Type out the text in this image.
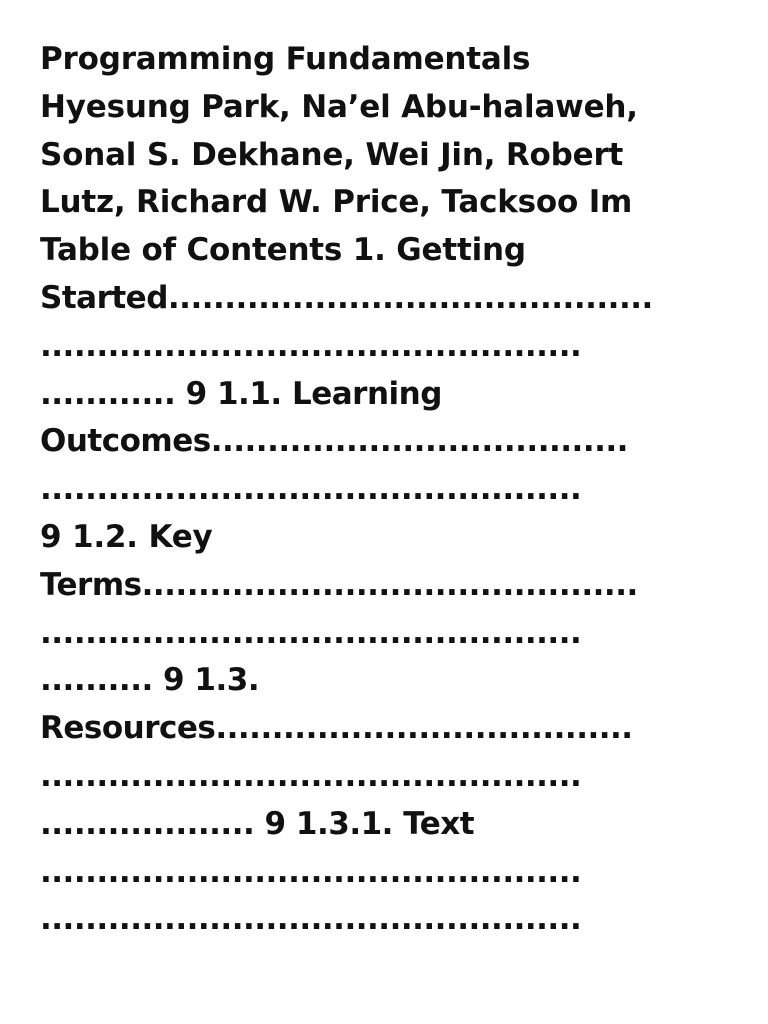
Programming Fundamentals
Hyesung Park, Na’el Abu-halaweh,
Sonal S. Dekhane, Wei Jin, Robert
Lutz, Richard W. Price, Tacksoo Im
Table of Contents 1. Getting
Started...........................................
................................................
............ 9 1.1. Learning
Outcomes.....................................
................................................
9 1.2. Key
Terms............................................
................................................
.......... 9 1.3.
Resources.....................................
................................................
................... 9 1.3.1. Text
................................................
................................................
